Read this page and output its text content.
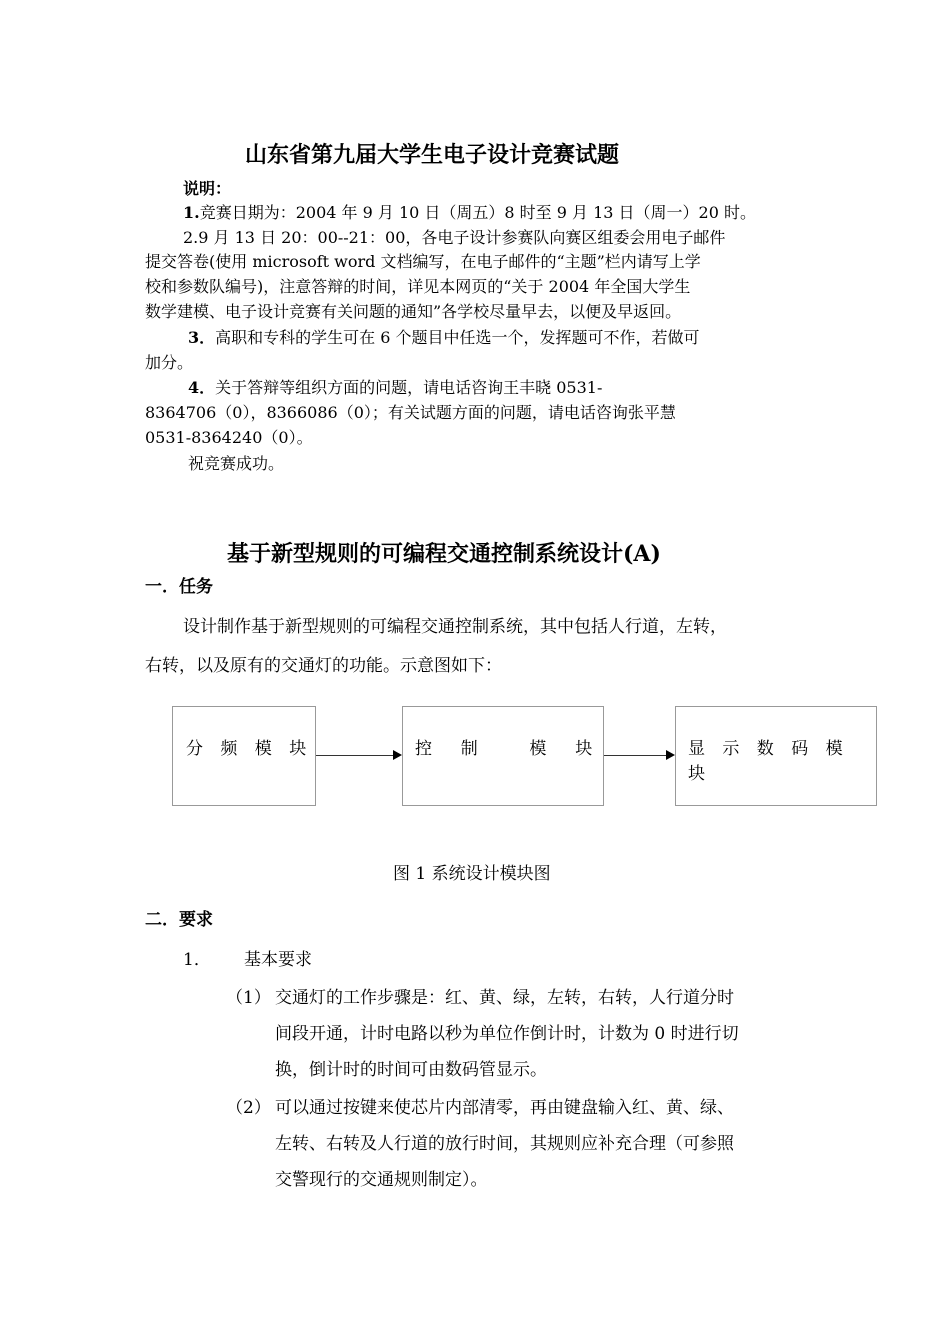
山东省第九届大学生电子设计竞赛试题
说明：
1.竞赛日期为：2004 年 9 月 10 日（周五）8 时至 9 月 13 日（周一）20 时。
2.9 月 13 日 20：00--21：00，各电子设计参赛队向赛区组委会用电子邮件
提交答卷(使用 microsoft word 文档编写，在电子邮件的“主题”栏内请写上学
校和参数队编号)，注意答辩的时间，详见本网页的“关于 2004 年全国大学生
数学建模、电子设计竞赛有关问题的通知”各学校尽量早去，以便及早返回。
3．高职和专科的学生可在 6 个题目中任选一个，发挥题可不作，若做可
加分。
4．关于答辩等组织方面的问题，请电话咨询王丰晓 0531-
8364706（0），8366086（0）；有关试题方面的问题，请电话咨询张平慧
0531-8364240（0）。
祝竞赛成功。
基于新型规则的可编程交通控制系统设计(A)
一．任务
设计制作基于新型规则的可编程交通控制系统，其中包括人行道，左转，
右转，以及原有的交通灯的功能。示意图如下：
分 频 模 块	控  制    模  块	显 示 数 码 模 块
图 1 系统设计模块图
二．要求
1． 基本要求
（1） 交通灯的工作步骤是：红、黄、绿，左转，右转，人行道分时
间段开通，计时电路以秒为单位作倒计时，计数为 0 时进行切
换，倒计时的时间可由数码管显示。
（2） 可以通过按键来使芯片内部清零，再由键盘输入红、黄、绿、
左转、右转及人行道的放行时间，其规则应补充合理（可参照
交警现行的交通规则制定）。
